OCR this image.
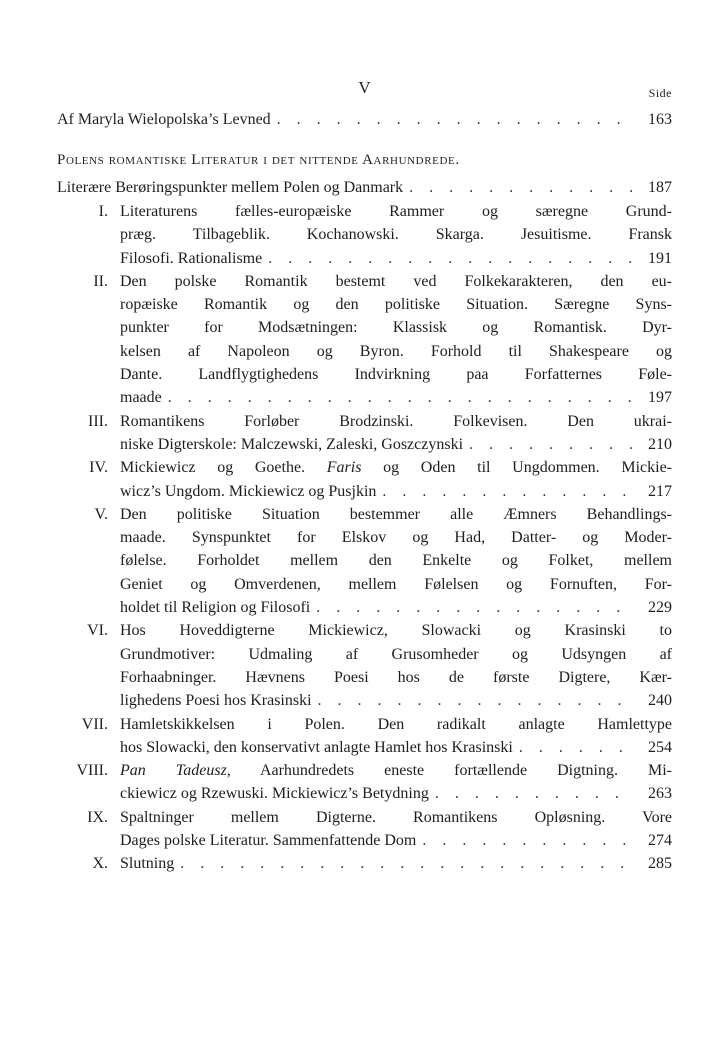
V	Side
Af Maryla Wielopolska’s Levned . . .	163
Polens romantiske Literatur i det nittende Aarhundrede.
Literære Berøringspunkter mellem Polen og Danmark . . .	187
I. Literaturens fælles-europæiske Rammer og særegne Grund-
præg. Tilbageblik. Kochanowski. Skarga. Jesuitisme. Fransk
Filosofi. Rationalisme . . .	191
II. Den polske Romantik bestemt ved Folkekarakteren, den eu-
ropæiske Romantik og den politiske Situation. Særegne Syns-
punkter for Modsætningen: Klassisk og Romantisk. Dyr-
kelsen af Napoleon og Byron. Forhold til Shakespeare og
Dante. Landflygtighedens Indvirkning paa Forfatternes Føle-
maade . . .	197
III. Romantikens Forløber Brodzinski. Folkevisen. Den ukrai-
niske Digterskole: Malczewski, Zaleski, Goszczynski . . .	210
IV. Mickiewicz og Goethe. Faris og Oden til Ungdommen. Mickie-
wicz’s Ungdom. Mickiewicz og Pusjkin . . .	217
V. Den politiske Situation bestemmer alle Æmners Behandlings-
maade. Synspunktet for Elskov og Had, Datter- og Moder-
følelse. Forholdet mellem den Enkelte og Folket, mellem
Geniet og Omverdenen, mellem Følelsen og Fornuften, For-
holdet til Religion og Filosofi . . .	229
VI. Hos Hoveddigterne Mickiewicz, Slowacki og Krasinski to
Grundmotiver: Udmaling af Grusomheder og Udsyngen af
Forhaabninger. Hævnens Poesi hos de første Digtere, Kær-
lighedens Poesi hos Krasinski . . .	240
VII. Hamletskikkelsen i Polen. Den radikalt anlagte Hamlettype
hos Slowacki, den konservativt anlagte Hamlet hos Krasinski . . .	254
VIII. Pan Tadeusz, Aarhundredets eneste fortællende Digtning. Mi-
ckiewicz og Rzewuski. Mickiewicz’s Betydning . . .	263
IX. Spaltninger mellem Digterne. Romantikens Opløsning. Vore
Dages polske Literatur. Sammenfattende Dom . . .	274
X. Slutning . . .	285
